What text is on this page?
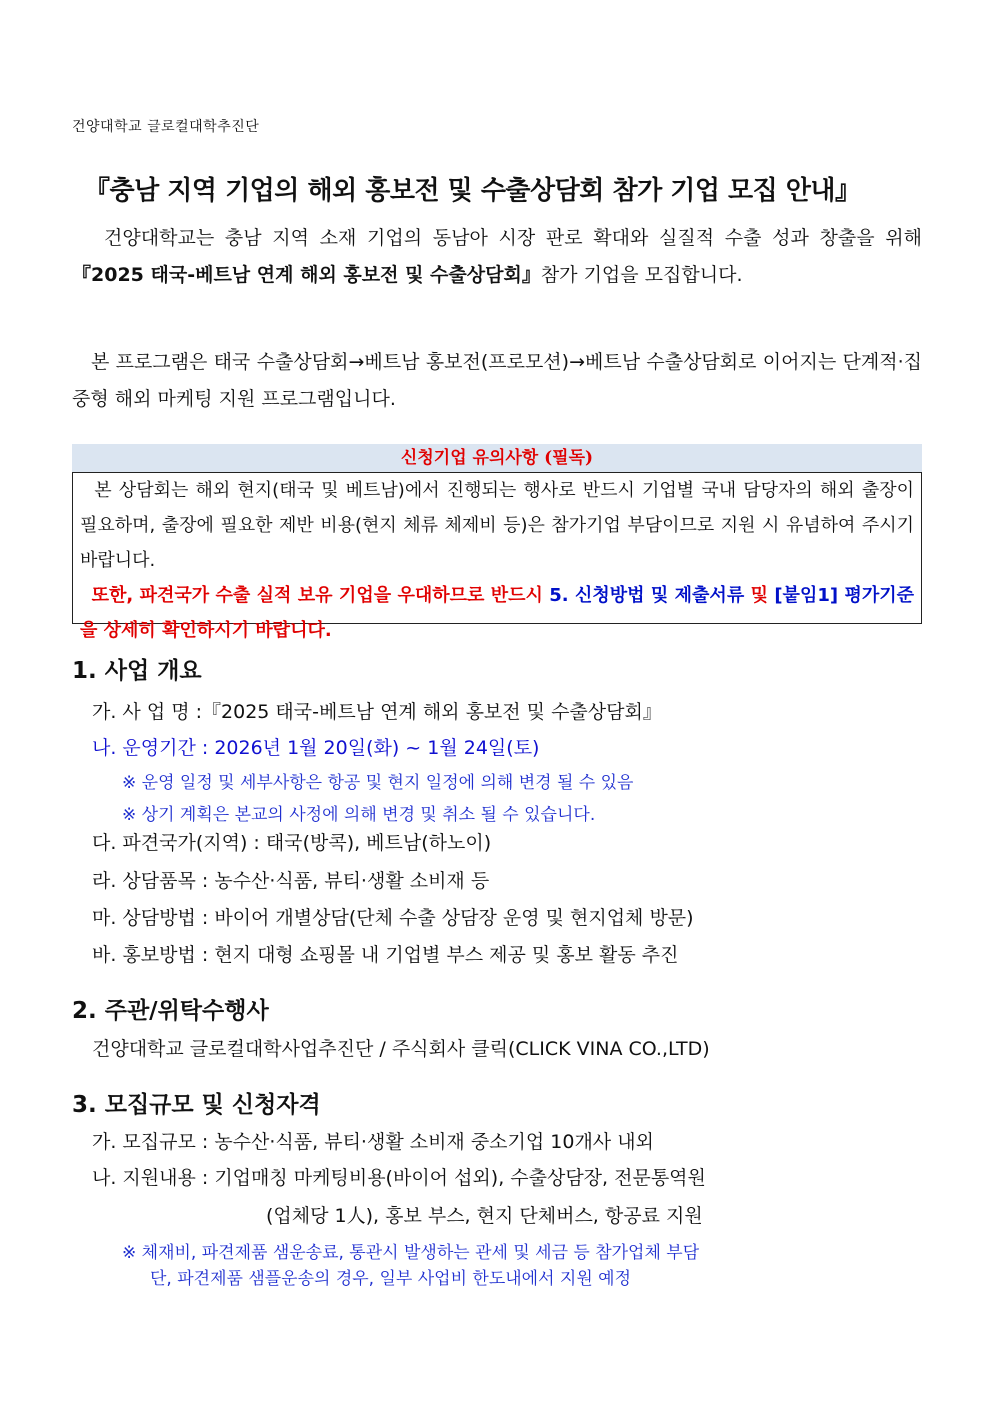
건양대학교 글로컬대학추진단
『충남 지역 기업의 해외 홍보전 및 수출상담회 참가 기업 모집 안내』

건양대학교는 충남 지역 소재 기업의 동남아 시장 판로 확대와 실질적 수출 성과 창출을 위해 『2025 태국-베트남 연계 해외 홍보전 및 수출상담회』참가 기업을 모집합니다.

본 프로그램은 태국 수출상담회→베트남 홍보전(프로모션)→베트남 수출상담회로 이어지는 단계적·집중형 해외 마케팅 지원 프로그램입니다.

신청기업 유의사항 (필독)

본 상담회는 해외 현지(태국 및 베트남)에서 진행되는 행사로 반드시 기업별 국내 담당자의 해외 출장이 필요하며, 출장에 필요한 제반 비용(현지 체류 체제비 등)은 참가기업 부담이므로 지원 시 유념하여 주시기 바랍니다.

또한, 파견국가 수출 실적 보유 기업을 우대하므로 반드시 5. 신청방법 및 제출서류 및 [붙임1] 평가기준을 상세히 확인하시기 바랍니다.

1. 사업 개요
가. 사 업 명 :『2025 태국-베트남 연계 해외 홍보전 및 수출상담회』
나. 운영기간 : 2026년 1월 20일(화) ~ 1월 24일(토)
※ 운영 일정 및 세부사항은 항공 및 현지 일정에 의해 변경 될 수 있음
※ 상기 계획은 본교의 사정에 의해 변경 및 취소 될 수 있습니다.
다. 파견국가(지역) : 태국(방콕), 베트남(하노이)
라. 상담품목 : 농수산·식품, 뷰티·생활 소비재 등
마. 상담방법 : 바이어 개별상담(단체 수출 상담장 운영 및 현지업체 방문)
바. 홍보방법 : 현지 대형 쇼핑몰 내 기업별 부스 제공 및 홍보 활동 추진
2. 주관/위탁수행사
건양대학교 글로컬대학사업추진단 / 주식회사 클릭(CLICK VINA CO.,LTD)
3. 모집규모 및 신청자격
가. 모집규모 : 농수산·식품, 뷰티·생활 소비재 중소기업 10개사 내외
나. 지원내용 : 기업매칭 마케팅비용(바이어 섭외), 수출상담장, 전문통역원
(업체당 1人), 홍보 부스, 현지 단체버스, 항공료 지원
※ 체재비, 파견제품 샘운송료, 통관시 발생하는 관세 및 세금 등 참가업체 부담
단, 파견제품 샘플운송의 경우, 일부 사업비 한도내에서 지원 예정
